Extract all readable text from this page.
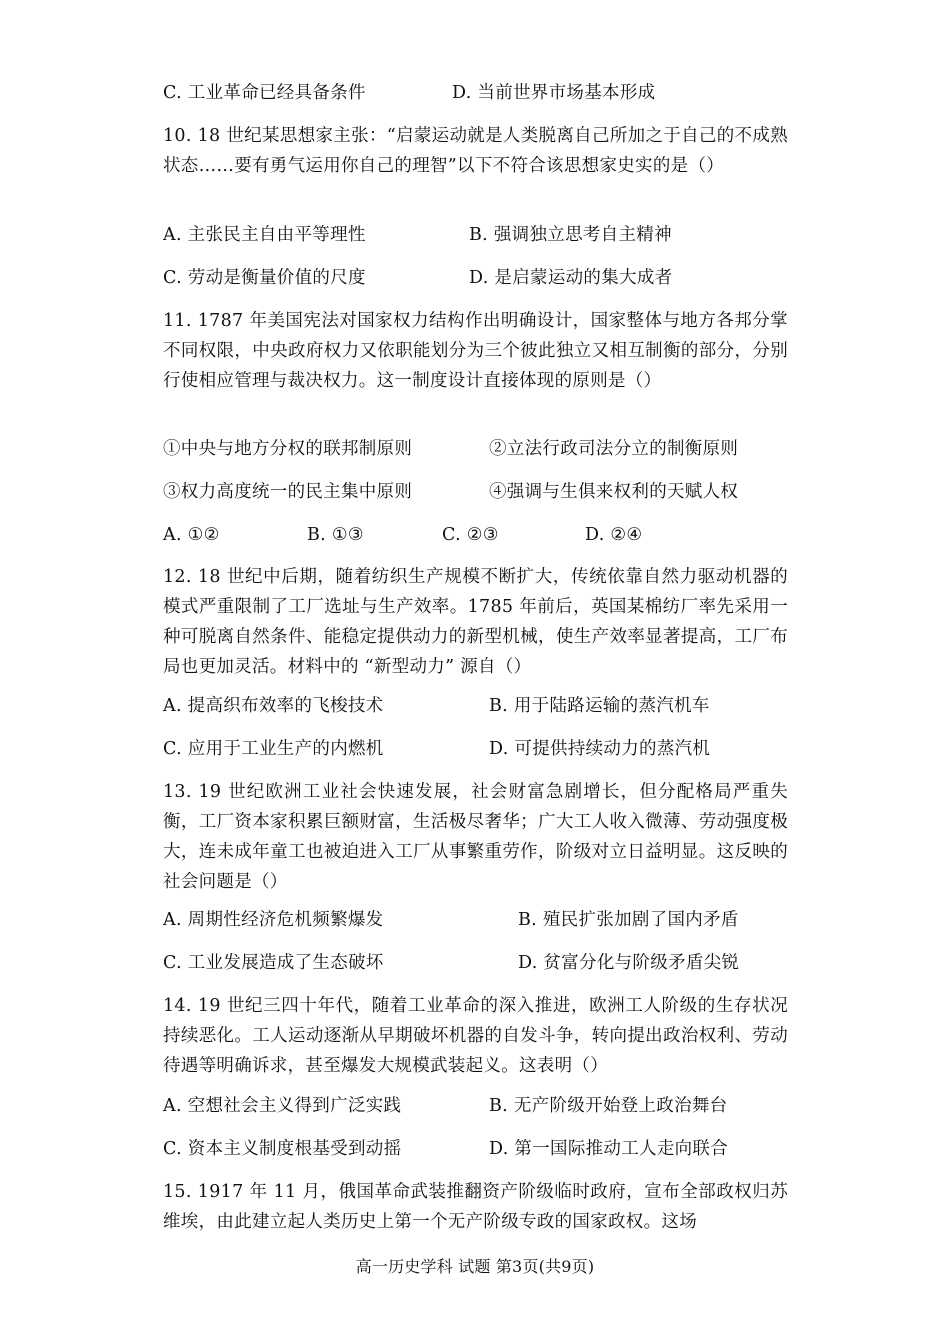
C. 工业革命已经具备条件	D. 当前世界市场基本形成
10. 18 世纪某思想家主张：“启蒙运动就是人类脱离自己所加之于自己的不成熟状态……要有勇气运用你自己的理智”以下不符合该思想家史实的是（）
A. 主张民主自由平等理性	B. 强调独立思考自主精神
C. 劳动是衡量价值的尺度	D. 是启蒙运动的集大成者
11. 1787 年美国宪法对国家权力结构作出明确设计，国家整体与地方各邦分掌不同权限，中央政府权力又依职能划分为三个彼此独立又相互制衡的部分，分别行使相应管理与裁决权力。这一制度设计直接体现的原则是（）
①中央与地方分权的联邦制原则	②立法行政司法分立的制衡原则
③权力高度统一的民主集中原则	④强调与生俱来权利的天赋人权
A. ①②	B. ①③	C. ②③	D. ②④
12. 18 世纪中后期，随着纺织生产规模不断扩大，传统依靠自然力驱动机器的模式严重限制了工厂选址与生产效率。1785 年前后，英国某棉纺厂率先采用一种可脱离自然条件、能稳定提供动力的新型机械，使生产效率显著提高，工厂布局也更加灵活。材料中的 “新型动力” 源自（）
A. 提高织布效率的飞梭技术	B. 用于陆路运输的蒸汽机车
C. 应用于工业生产的内燃机	D. 可提供持续动力的蒸汽机
13. 19 世纪欧洲工业社会快速发展，社会财富急剧增长，但分配格局严重失衡，工厂资本家积累巨额财富，生活极尽奢华；广大工人收入微薄、劳动强度极大，连未成年童工也被迫进入工厂从事繁重劳作，阶级对立日益明显。这反映的社会问题是（）
A. 周期性经济危机频繁爆发	B. 殖民扩张加剧了国内矛盾
C. 工业发展造成了生态破坏	D. 贫富分化与阶级矛盾尖锐
14. 19 世纪三四十年代，随着工业革命的深入推进，欧洲工人阶级的生存状况持续恶化。工人运动逐渐从早期破坏机器的自发斗争，转向提出政治权利、劳动待遇等明确诉求，甚至爆发大规模武装起义。这表明（）
A. 空想社会主义得到广泛实践	B. 无产阶级开始登上政治舞台
C. 资本主义制度根基受到动摇	D. 第一国际推动工人走向联合
15. 1917 年 11 月，俄国革命武装推翻资产阶级临时政府，宣布全部政权归苏维埃，由此建立起人类历史上第一个无产阶级专政的国家政权。这场
高一历史学科 试题 第3页(共9页)
